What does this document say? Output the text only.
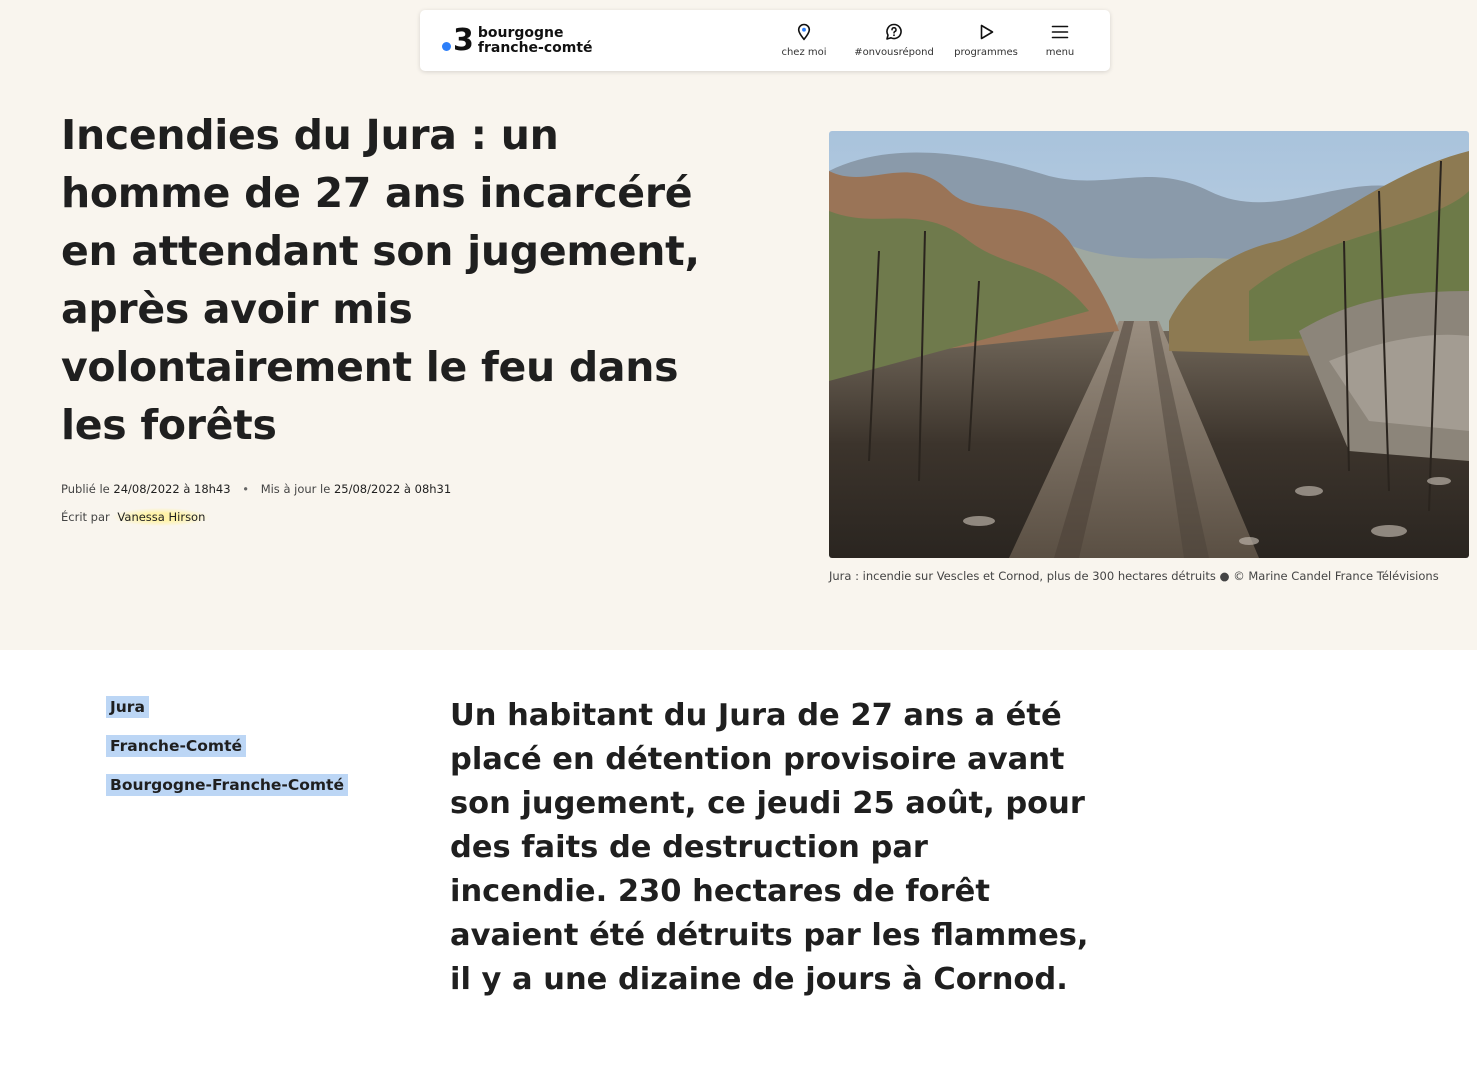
3 bourgogne
franche-comté	chez moi	#onvousrépond programmes	menu
Incendies du Jura : un homme de 27 ans incarcéré en attendant son jugement, après avoir mis volontairement le feu dans les forêts
Publié le 24/08/2022 à 18h43 • Mis à jour le 25/08/2022 à 08h31
Écrit par Vanessa Hirson
Jura : incendie sur Vescles et Cornod, plus de 300 hectares détruits ● © Marine Candel France Télévisions
Jura
Franche-Comté
Bourgogne-Franche-Comté

Un habitant du Jura de 27 ans a été placé en détention provisoire avant son jugement, ce jeudi 25 août, pour des faits de destruction par incendie. 230 hectares de forêt avaient été détruits par les flammes, il y a une dizaine de jours à Cornod.
